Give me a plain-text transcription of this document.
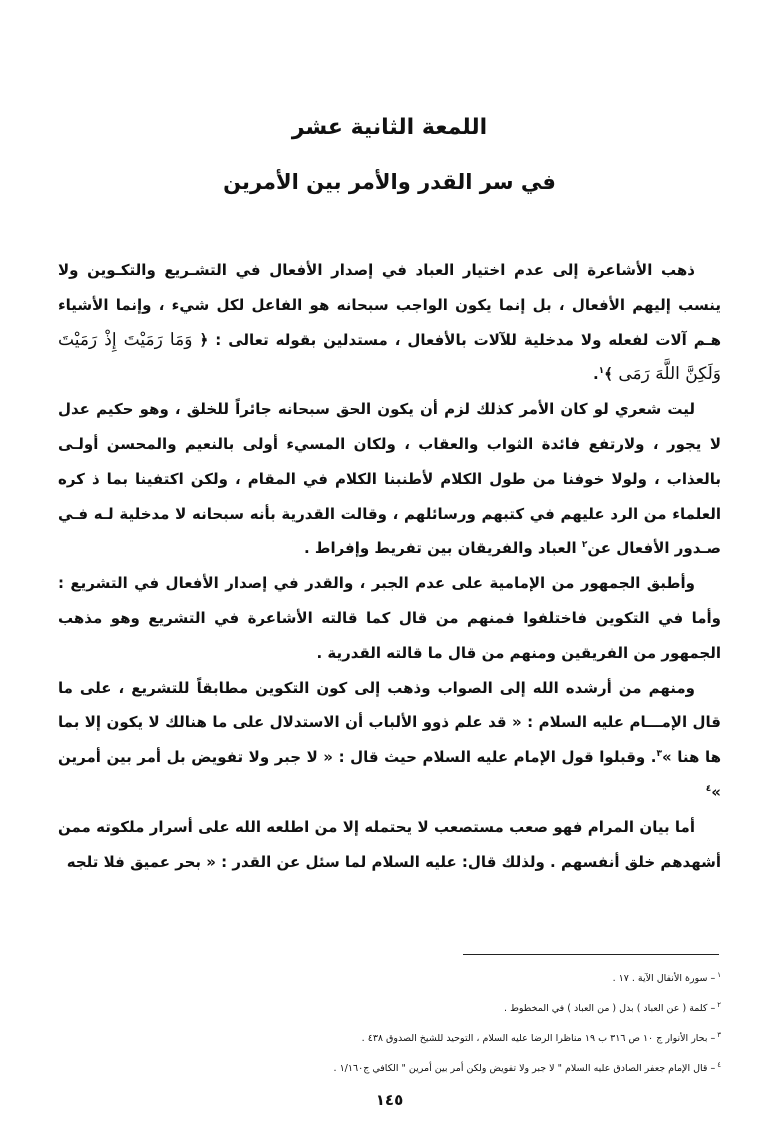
اللمعة الثانية عشر
في سر القدر والأمر بين الأمرين

ذهب الأشاعرة إلى عدم اختيار العباد في إصدار الأفعال في التشـريع والتكـوين ولا ينسب إليهم الأفعال ، بل إنما يكون الواجب سبحانه هو الفاعل لكل شيء ، وإنما الأشياء هـم آلات لفعله ولا مدخلية للآلات بالأفعال ، مستدلين بقوله تعالى : ﴿ وَمَا رَمَيْتَ إِذْ رَمَيْتَ وَلَكِنَّ اللَّهَ رَمَى ﴾$^١$.

ليت شعري لو كان الأمر كذلك لزم أن يكون الحق سبحانه جائراً للخلق ، وهو حكيم عدل لا يجور ، ولارتفع فائدة الثواب والعقاب ، ولكان المسيء أولى بالنعيم والمحسن أولـى بالعذاب ، ولولا خوفنا من طول الكلام لأطنبنا الكلام في المقام ، ولكن اكتفينا بما ذ كره العلماء من الرد عليهم في كتبهم ورسائلهم ، وقالت القدرية بأنه سبحانه لا مدخلية لـه فـي صـدور الأفعال عن$^٢$ العباد والفريقان بين تفريط وإفراط .

وأطبق الجمهور من الإمامية على عدم الجبر ، والقدر في إصدار الأفعال في التشريع : وأما في التكوين فاختلفوا فمنهم من قال كما قالته الأشاعرة في التشريع وهو مذهب الجمهور من الفريقين ومنهم من قال ما قالته القدرية .

ومنهم من أرشده الله إلى الصواب وذهب إلى كون التكوين مطابقاً للتشريع ، على ما قال الإمـــام عليه السلام : « قد علم ذوو الألباب أن الاستدلال على ما هنالك لا يكون إلا بما ها هنا »$^٣$. وقبلوا قول الإمام عليه السلام حيث قال : « لا جبر ولا تفويض بل أمر بين أمرين »$^٤$

أما بيان المرام فهو صعب مستصعب لا يحتمله إلا من اطلعه الله على أسرار ملكوته ممن أشهدهم خلق أنفسهم . ولذلك قال: عليه السلام لما سئل عن القدر : « بحر عميق فلا تلجه

$^١$– سورة الأنفال الآية . ١٧ .
$^٢$– كلمة ( عن العباد ) بدل ( من العباد ) في المخطوط .
$^٣$– بحار الأنوار ج ١٠ ص ٣١٦ ب ١٩ مناظرا الرضا عليه السلام ، التوحيد للشيخ الصدوق ٤٣٨ .
$^٤$– قال الإمام جعفر الصادق عليه السلام " لا جبر ولا تفويض ولكن أمر بين أمرين " الكافي ج١/١٦٠ .
١٤٥
